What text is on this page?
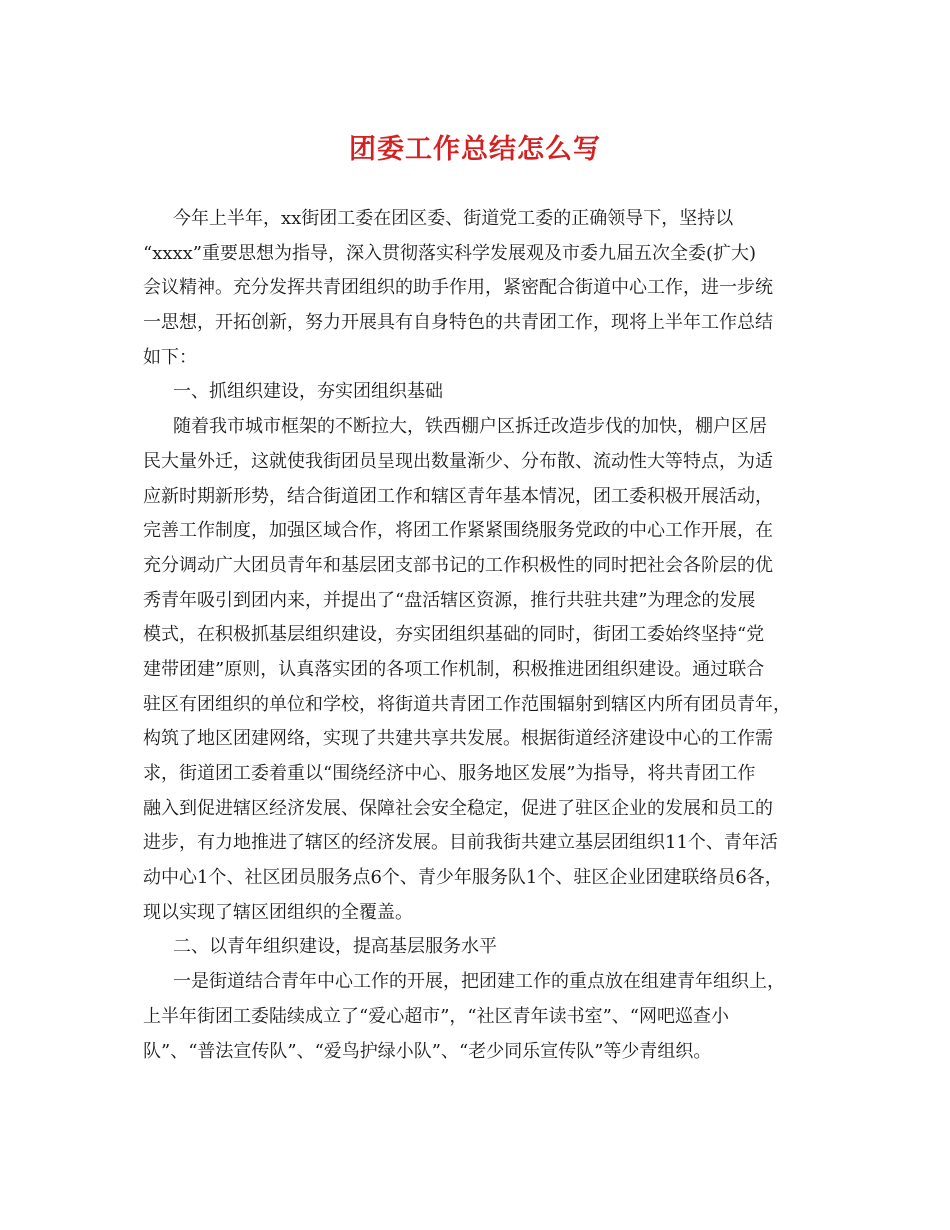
团委工作总结怎么写
今年上半年，xx街团工委在团区委、街道党工委的正确领导下，坚持以
“xxxx”重要思想为指导，深入贯彻落实科学发展观及市委九届五次全委(扩大)
会议精神。充分发挥共青团组织的助手作用，紧密配合街道中心工作，进一步统
一思想，开拓创新，努力开展具有自身特色的共青团工作，现将上半年工作总结
如下：
一、抓组织建设，夯实团组织基础
随着我市城市框架的不断拉大，铁西棚户区拆迁改造步伐的加快，棚户区居
民大量外迁，这就使我街团员呈现出数量渐少、分布散、流动性大等特点，为适
应新时期新形势，结合街道团工作和辖区青年基本情况，团工委积极开展活动，
完善工作制度，加强区域合作，将团工作紧紧围绕服务党政的中心工作开展，在
充分调动广大团员青年和基层团支部书记的工作积极性的同时把社会各阶层的优
秀青年吸引到团内来，并提出了“盘活辖区资源，推行共驻共建”为理念的发展
模式，在积极抓基层组织建设，夯实团组织基础的同时，街团工委始终坚持“党
建带团建”原则，认真落实团的各项工作机制，积极推进团组织建设。通过联合
驻区有团组织的单位和学校，将街道共青团工作范围辐射到辖区内所有团员青年，
构筑了地区团建网络，实现了共建共享共发展。根据街道经济建设中心的工作需
求，街道团工委着重以“围绕经济中心、服务地区发展”为指导，将共青团工作
融入到促进辖区经济发展、保障社会安全稳定，促进了驻区企业的发展和员工的
进步，有力地推进了辖区的经济发展。目前我街共建立基层团组织11个、青年活
动中心1个、社区团员服务点6个、青少年服务队1个、驻区企业团建联络员6各，
现以实现了辖区团组织的全覆盖。
二、以青年组织建设，提高基层服务水平
一是街道结合青年中心工作的开展，把团建工作的重点放在组建青年组织上，
上半年街团工委陆续成立了“爱心超市”，“社区青年读书室”、“网吧巡查小
队”、“普法宣传队”、“爱鸟护绿小队”、“老少同乐宣传队”等少青组织。
